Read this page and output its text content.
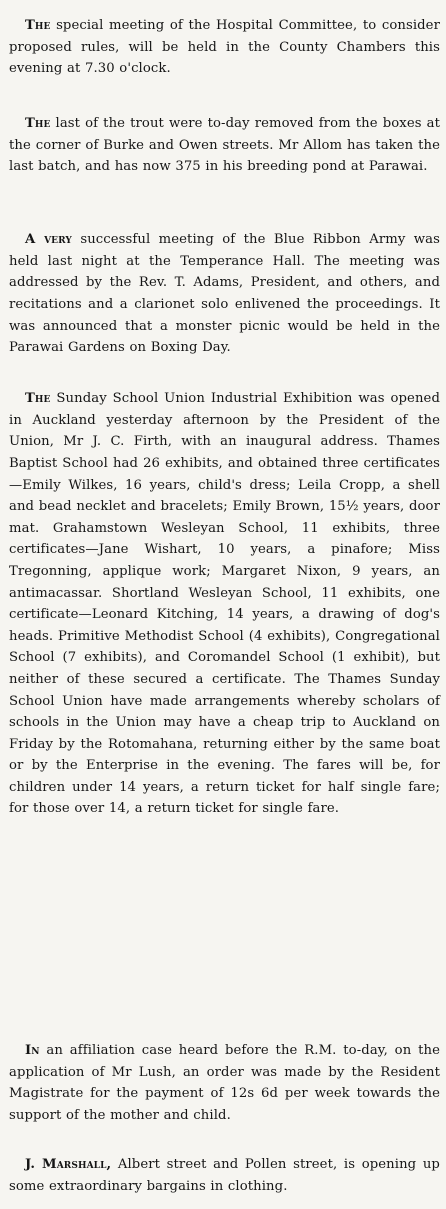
The special meeting of the Hospital Committee, to consider proposed rules, will be held in the County Chambers this evening at 7.30 o'clock.

The last of the trout were to-day removed from the boxes at the corner of Burke and Owen streets. Mr Allom has taken the last batch, and has now 375 in his breeding pond at Parawai.

A very successful meeting of the Blue Ribbon Army was held last night at the Temperance Hall. The meeting was addressed by the Rev. T. Adams, President, and others, and recitations and a clarionet solo enlivened the proceedings. It was announced that a monster picnic would be held in the Parawai Gardens on Boxing Day.

The Sunday School Union Industrial Exhibition was opened in Auckland yesterday afternoon by the President of the Union, Mr J. C. Firth, with an inaugural address. Thames Baptist School had 26 exhibits, and obtained three certificates—Emily Wilkes, 16 years, child's dress; Leila Cropp, a shell and bead necklet and bracelets; Emily Brown, 15½ years, door mat. Grahamstown Wesleyan School, 11 exhibits, three certificates—Jane Wishart, 10 years, a pinafore; Miss Tregonning, applique work; Margaret Nixon, 9 years, an antimacassar. Shortland Wesleyan School, 11 exhibits, one certificate—Leonard Kitching, 14 years, a drawing of dog's heads. Primitive Methodist School (4 exhibits), Congregational School (7 exhibits), and Coromandel School (1 exhibit), but neither of these secured a certificate. The Thames Sunday School Union have made arrangements whereby scholars of schools in the Union may have a cheap trip to Auckland on Friday by the Rotomahana, returning either by the same boat or by the Enterprise in the evening. The fares will be, for children under 14 years, a return ticket for half single fare; for those over 14, a return ticket for single fare.

In an affiliation case heard before the R.M. to-day, on the application of Mr Lush, an order was made by the Resident Magistrate for the payment of 12s 6d per week towards the support of the mother and child.

J. Marshall, Albert street and Pollen street, is opening up some extraordinary bargains in clothing.
